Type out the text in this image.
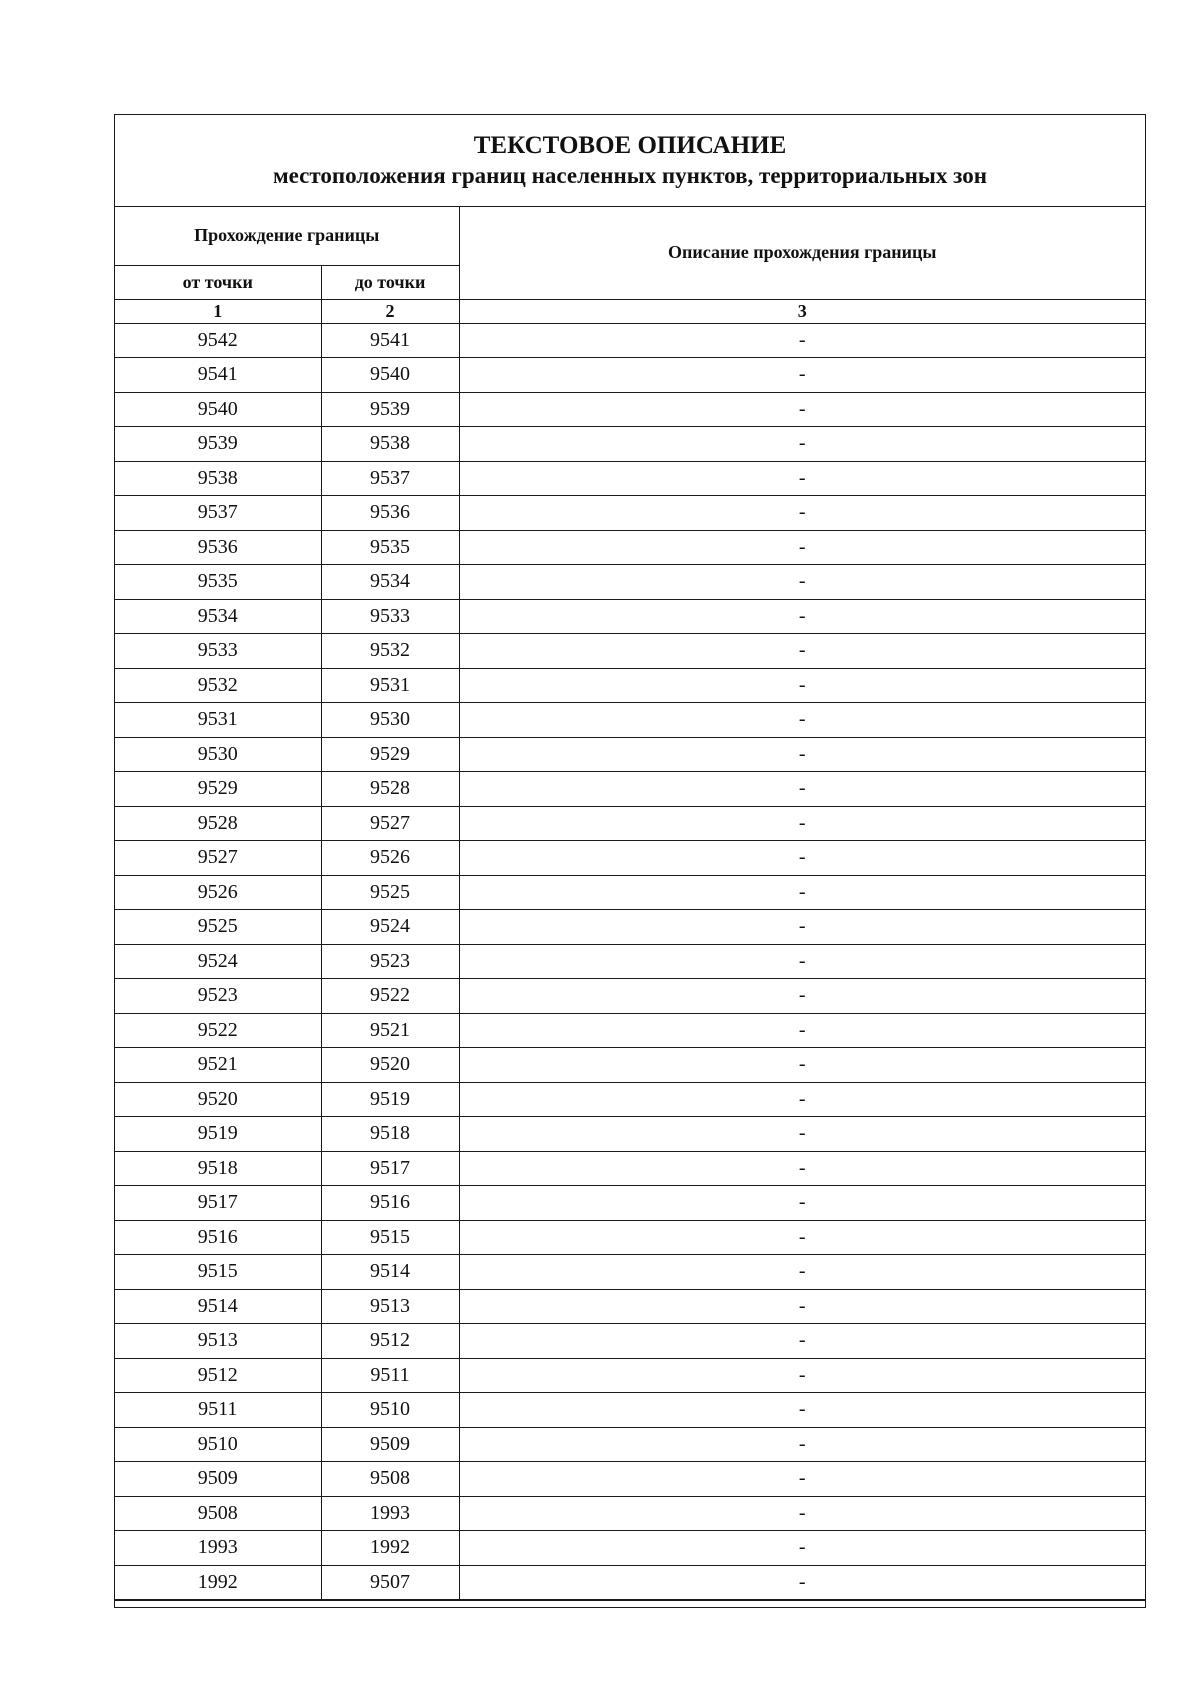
ТЕКСТОВОЕ ОПИСАНИЕ
местоположения границ населенных пунктов, территориальных зон
Прохождение границы		Описание прохождения границы
от точки	до точки	
1	2	3
9542	9541	-
9541	9540	-
9540	9539	-
9539	9538	-
9538	9537	-
9537	9536	-
9536	9535	-
9535	9534	-
9534	9533	-
9533	9532	-
9532	9531	-
9531	9530	-
9530	9529	-
9529	9528	-
9528	9527	-
9527	9526	-
9526	9525	-
9525	9524	-
9524	9523	-
9523	9522	-
9522	9521	-
9521	9520	-
9520	9519	-
9519	9518	-
9518	9517	-
9517	9516	-
9516	9515	-
9515	9514	-
9514	9513	-
9513	9512	-
9512	9511	-
9511	9510	-
9510	9509	-
9509	9508	-
9508	1993	-
1993	1992	-
1992	9507	-
